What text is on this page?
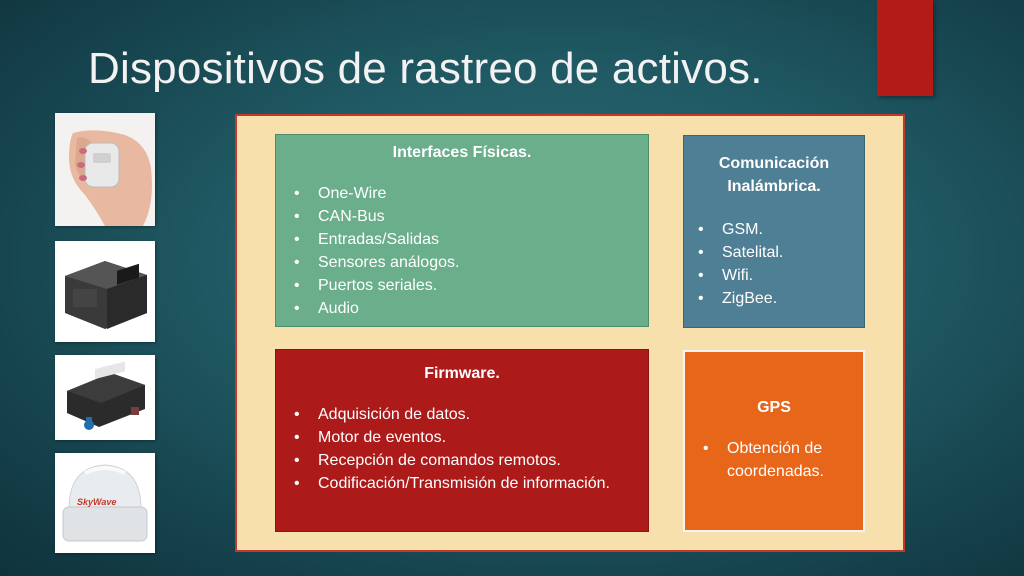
Dispositivos de rastreo de activos.
SkyWave
Interfaces Físicas.
• One-Wire
• CAN-Bus
• Entradas/Salidas
• Sensores análogos.
• Puertos seriales.
• Audio
Comunicación Inalámbrica.
• GSM.
• Satelital.
• Wifi.
• ZigBee.
Firmware.
• Adquisición de datos.
• Motor de eventos.
• Recepción de comandos remotos.
• Codificación/Transmisión de información.
GPS
• Obtención de coordenadas.
